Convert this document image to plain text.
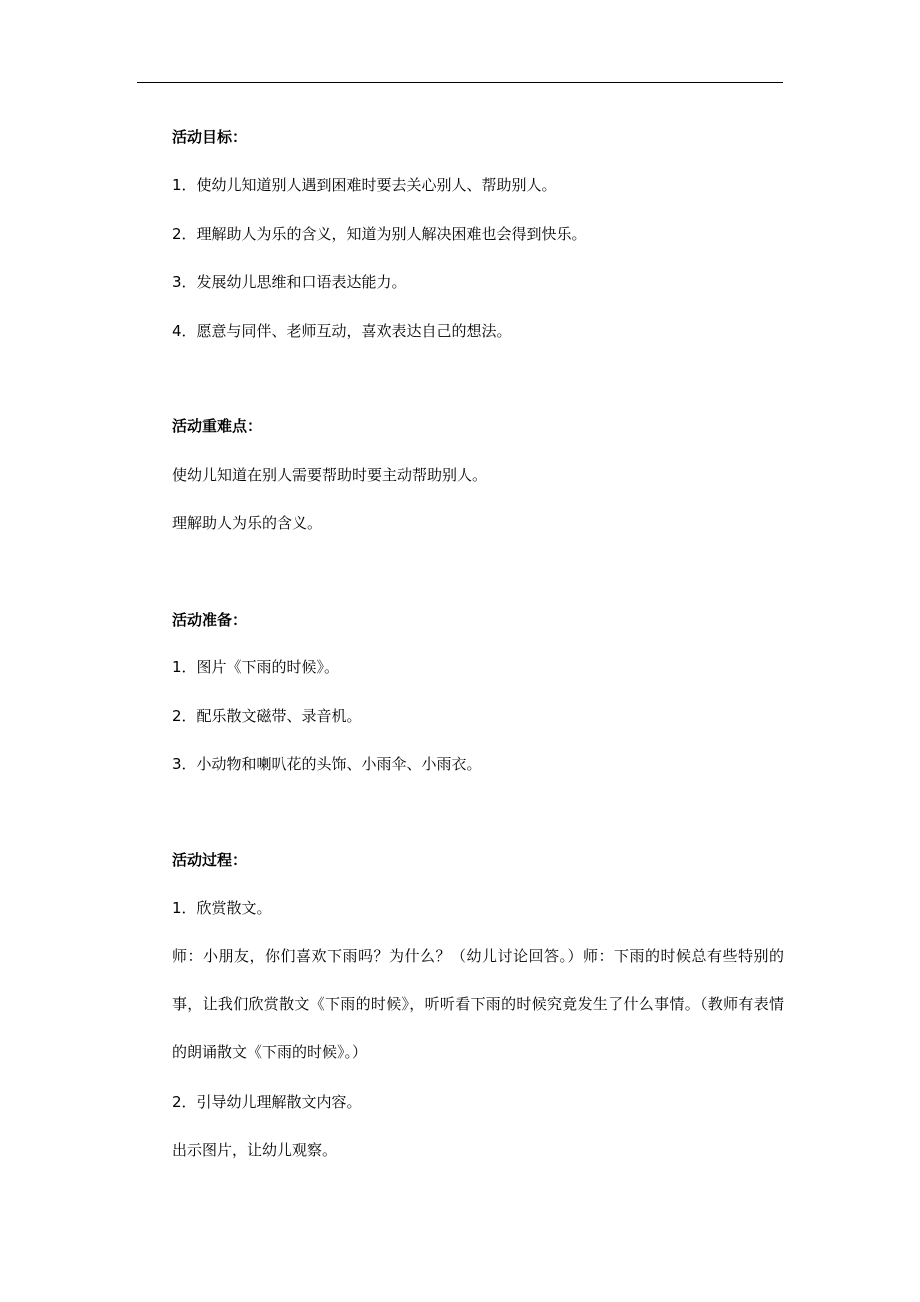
活动目标：
1．使幼儿知道别人遇到困难时要去关心别人、帮助别人。
2．理解助人为乐的含义，知道为别人解决困难也会得到快乐。
3．发展幼儿思维和口语表达能力。
4．愿意与同伴、老师互动，喜欢表达自己的想法。
活动重难点：
使幼儿知道在别人需要帮助时要主动帮助别人。
理解助人为乐的含义。
活动准备：
1．图片《下雨的时候》。
2．配乐散文磁带、录音机。
3．小动物和喇叭花的头饰、小雨伞、小雨衣。
活动过程：
1．欣赏散文。
师：小朋友，你们喜欢下雨吗？为什么？（幼儿讨论回答。）师：下雨的时候总有些特别的事，让我们欣赏散文《下雨的时候》，听听看下雨的时候究竟发生了什么事情。（教师有表情的朗诵散文《下雨的时候》。）
2．引导幼儿理解散文内容。
出示图片，让幼儿观察。
